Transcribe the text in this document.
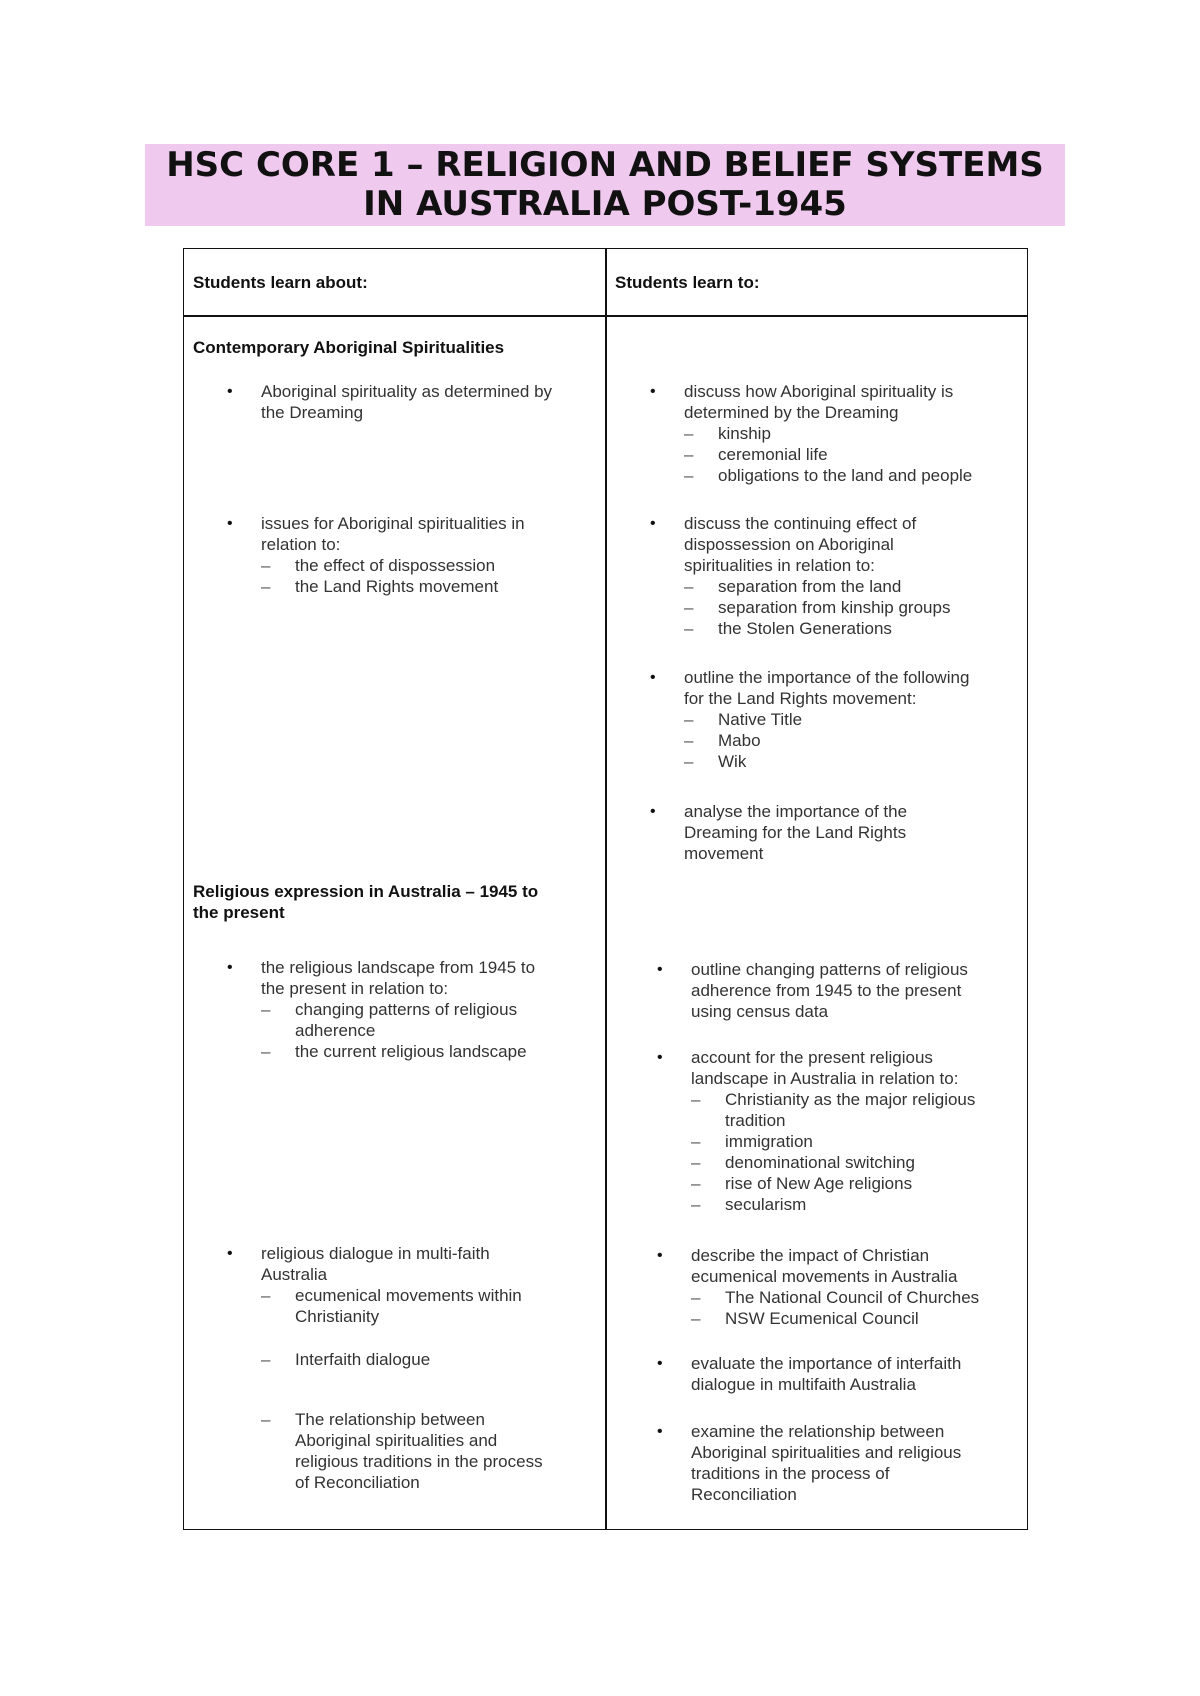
HSC CORE 1 – RELIGION AND BELIEF SYSTEMS
IN AUSTRALIA POST-1945
Students learn about:	Students learn to:
Contemporary Aboriginal Spiritualities
Religious expression in Australia – 1945 to
the present
• Aboriginal spirituality as determined by
the Dreaming
• issues for Aboriginal spiritualities in
relation to:
– the effect of dispossession
– the Land Rights movement
• the religious landscape from 1945 to
the present in relation to:
– changing patterns of religious
adherence
– the current religious landscape
• religious dialogue in multi-faith
Australia
– ecumenical movements within
Christianity
– Interfaith dialogue
– The relationship between
Aboriginal spiritualities and
religious traditions in the process
of Reconciliation
• discuss how Aboriginal spirituality is
determined by the Dreaming
– kinship
– ceremonial life
– obligations to the land and people
• discuss the continuing effect of
dispossession on Aboriginal
spiritualities in relation to:
– separation from the land
– separation from kinship groups
– the Stolen Generations
• outline the importance of the following
for the Land Rights movement:
– Native Title
– Mabo
– Wik
• analyse the importance of the
Dreaming for the Land Rights
movement
• outline changing patterns of religious
adherence from 1945 to the present
using census data
• account for the present religious
landscape in Australia in relation to:
– Christianity as the major religious
tradition
– immigration
– denominational switching
– rise of New Age religions
– secularism
• describe the impact of Christian
ecumenical movements in Australia
– The National Council of Churches
– NSW Ecumenical Council
• evaluate the importance of interfaith
dialogue in multifaith Australia
• examine the relationship between
Aboriginal spiritualities and religious
traditions in the process of
Reconciliation
